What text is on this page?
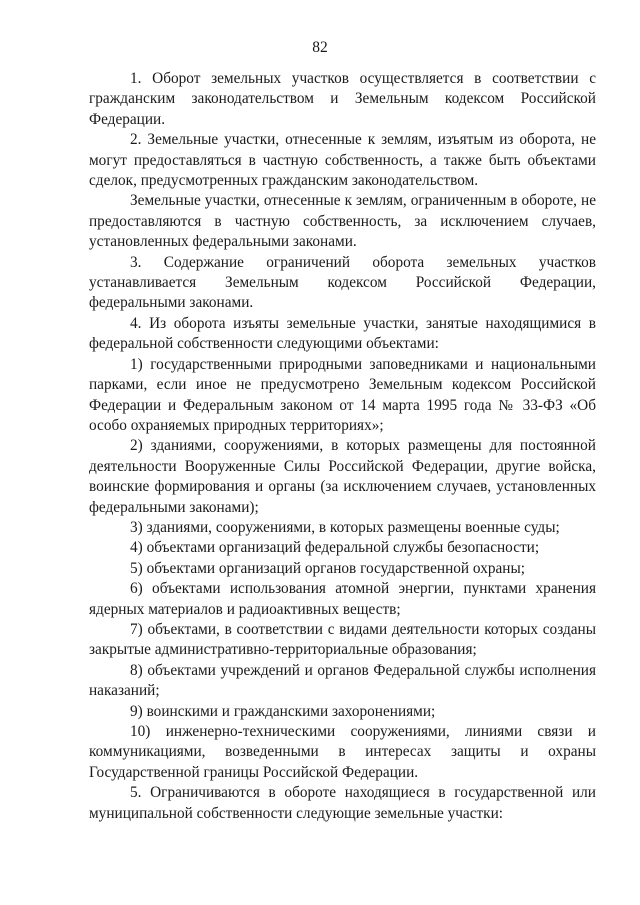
82

1. Оборот земельных участков осуществляется в соответствии с гражданским законодательством и Земельным кодексом Российской Федерации.

2. Земельные участки, отнесенные к землям, изъятым из оборота, не могут предоставляться в частную собственность, а также быть объектами сделок, предусмотренных гражданским законодательством.

Земельные участки, отнесенные к землям, ограниченным в обороте, не предоставляются в частную собственность, за исключением случаев, установленных федеральными законами.

3. Содержание ограничений оборота земельных участков устанавливается Земельным кодексом Российской Федерации, федеральными законами.

4. Из оборота изъяты земельные участки, занятые находящимися в федеральной собственности следующими объектами:

1) государственными природными заповедниками и национальными парками, если иное не предусмотрено Земельным кодексом Российской Федерации и Федеральным законом от 14 марта 1995 года № 33-ФЗ «Об особо охраняемых природных территориях»;

2) зданиями, сооружениями, в которых размещены для постоянной деятельности Вооруженные Силы Российской Федерации, другие войска, воинские формирования и органы (за исключением случаев, установленных федеральными законами);

3) зданиями, сооружениями, в которых размещены военные суды;

4) объектами организаций федеральной службы безопасности;

5) объектами организаций органов государственной охраны;

6) объектами использования атомной энергии, пунктами хранения ядерных материалов и радиоактивных веществ;

7) объектами, в соответствии с видами деятельности которых созданы закрытые административно-территориальные образования;

8) объектами учреждений и органов Федеральной службы исполнения наказаний;

9) воинскими и гражданскими захоронениями;

10) инженерно-техническими сооружениями, линиями связи и коммуникациями, возведенными в интересах защиты и охраны Государственной границы Российской Федерации.

5. Ограничиваются в обороте находящиеся в государственной или муниципальной собственности следующие земельные участки:
